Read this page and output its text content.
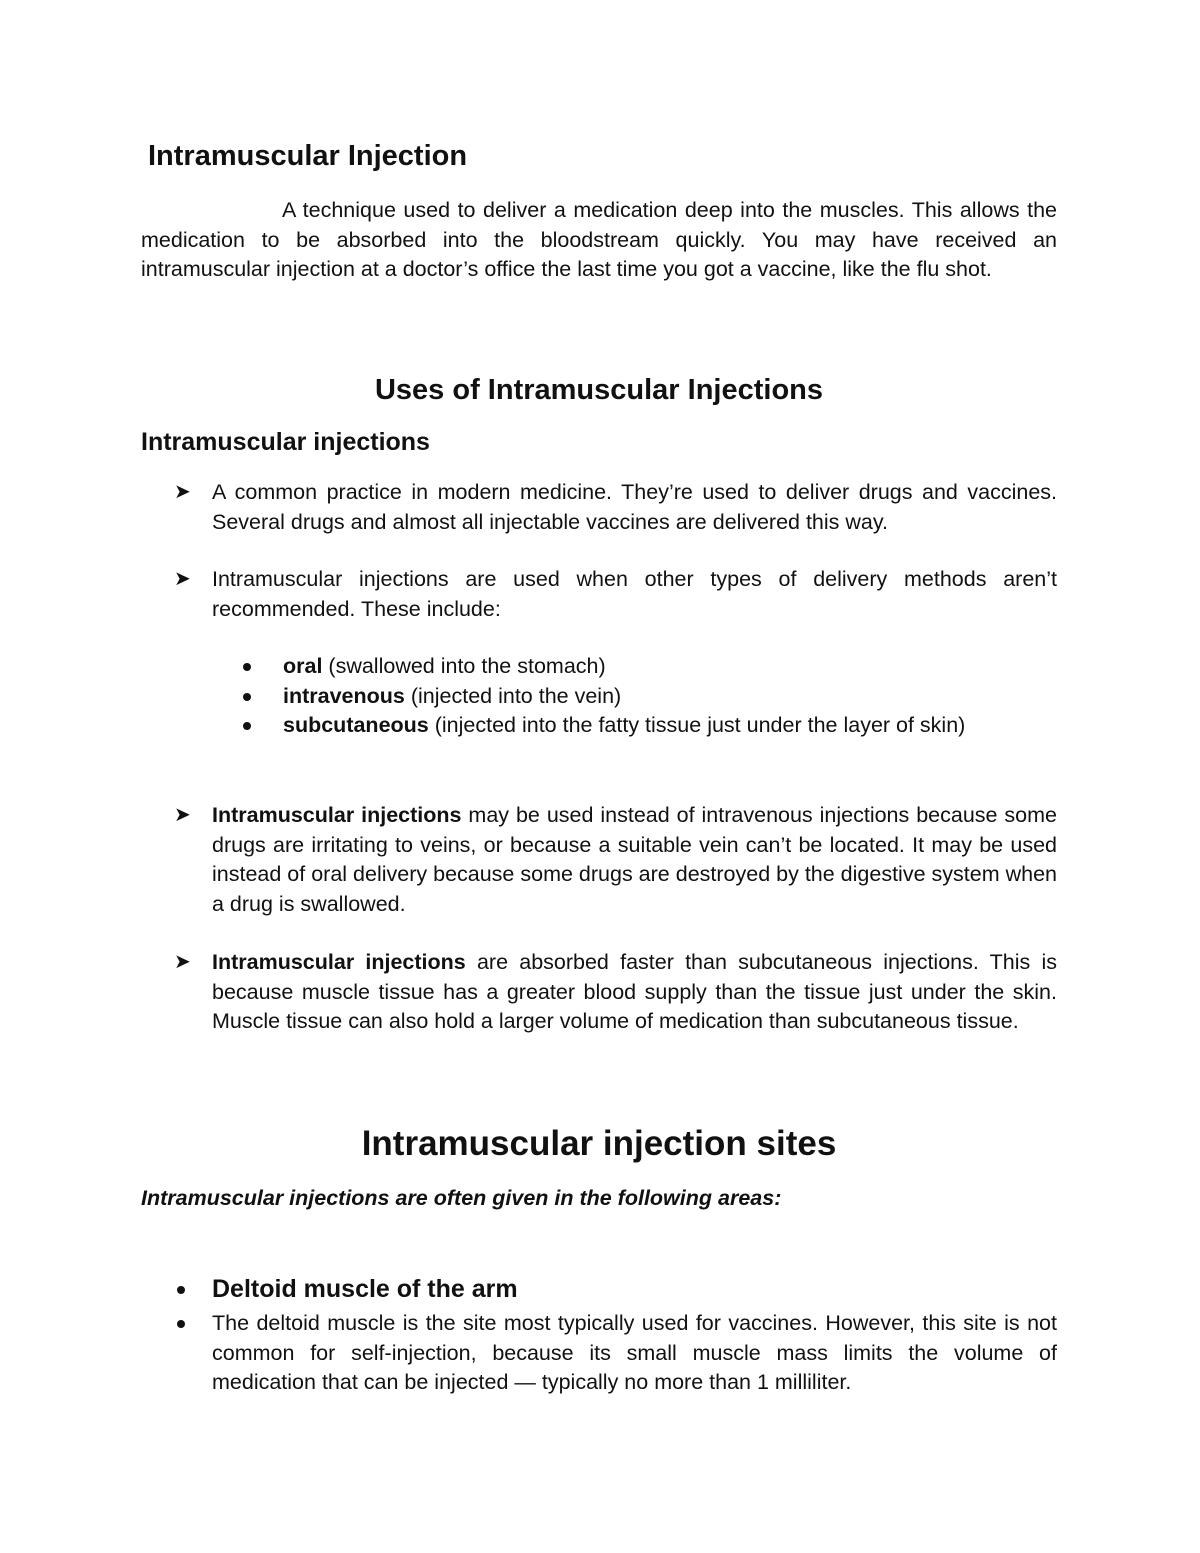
Intramuscular Injection

A technique used to deliver a medication deep into the muscles. This allows the medication to be absorbed into the bloodstream quickly. You may have received an intramuscular injection at a doctor’s office the last time you got a vaccine, like the flu shot.

Uses of Intramuscular Injections
Intramuscular injections
➤ A common practice in modern medicine. They’re used to deliver drugs and vaccines. Several drugs and almost all injectable vaccines are delivered this way.
➤ Intramuscular injections are used when other types of delivery methods aren’t recommended. These include:
oral (swallowed into the stomach)
intravenous (injected into the vein)
subcutaneous (injected into the fatty tissue just under the layer of skin)
➤ Intramuscular injections may be used instead of intravenous injections because some drugs are irritating to veins, or because a suitable vein can’t be located. It may be used instead of oral delivery because some drugs are destroyed by the digestive system when a drug is swallowed.
➤ Intramuscular injections are absorbed faster than subcutaneous injections. This is because muscle tissue has a greater blood supply than the tissue just under the skin. Muscle tissue can also hold a larger volume of medication than subcutaneous tissue.
Intramuscular injection sites

Intramuscular injections are often given in the following areas:

Deltoid muscle of the arm
The deltoid muscle is the site most typically used for vaccines. However, this site is not common for self-injection, because its small muscle mass limits the volume of medication that can be injected — typically no more than 1 milliliter.
